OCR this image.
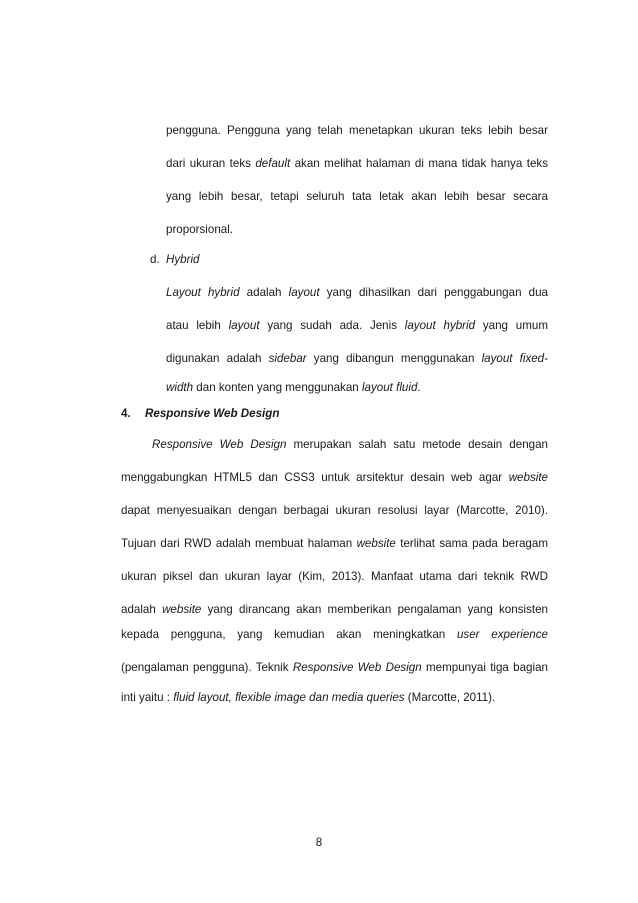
pengguna. Pengguna yang telah menetapkan ukuran teks lebih besar
dari ukuran teks default akan melihat halaman di mana tidak hanya teks
yang lebih besar, tetapi seluruh tata letak akan lebih besar secara
proporsional.
d. Hybrid
Layout hybrid adalah layout yang dihasilkan dari penggabungan dua
atau lebih layout yang sudah ada. Jenis layout hybrid yang umum
digunakan adalah sidebar yang dibangun menggunakan layout fixed-
width dan konten yang menggunakan layout fluid.
4. Responsive Web Design
Responsive Web Design merupakan salah satu metode desain dengan
menggabungkan HTML5 dan CSS3 untuk arsitektur desain web agar website
dapat menyesuaikan dengan berbagai ukuran resolusi layar (Marcotte, 2010).
Tujuan dari RWD adalah membuat halaman website terlihat sama pada beragam
ukuran piksel dan ukuran layar (Kim, 2013). Manfaat utama dari teknik RWD
adalah website yang dirancang akan memberikan pengalaman yang konsisten
kepada pengguna, yang kemudian akan meningkatkan user experience
(pengalaman pengguna). Teknik Responsive Web Design mempunyai tiga bagian
inti yaitu : fluid layout, flexible image dan media queries (Marcotte, 2011).
8
